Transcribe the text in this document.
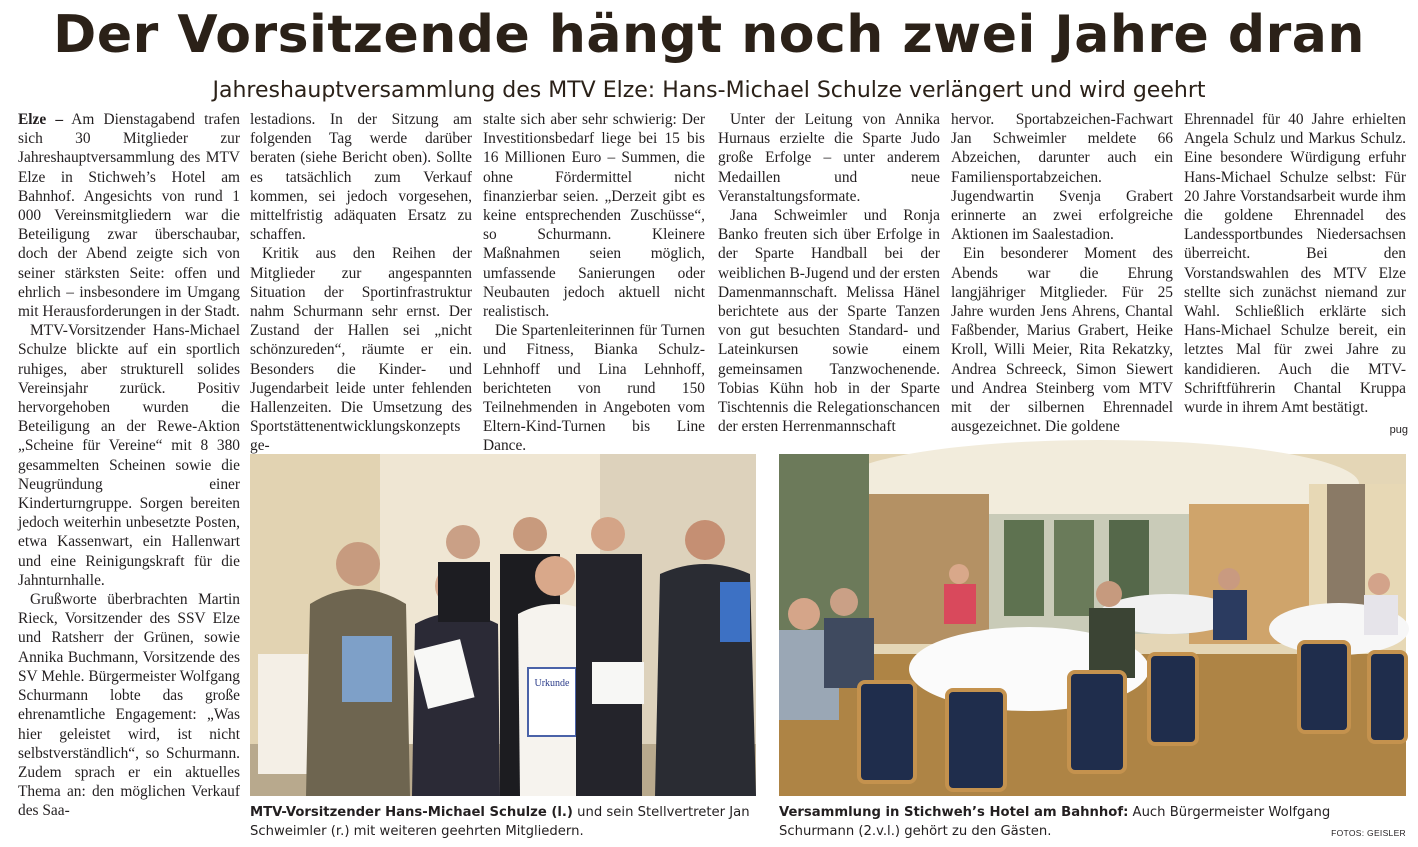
Der Vorsitzende hängt noch zwei Jahre dran
Jahreshauptversammlung des MTV Elze: Hans-Michael Schulze verlängert und wird geehrt

Elze – Am Dienstagabend trafen sich 30 Mitglieder zur Jahreshauptversammlung des MTV Elze in Stichweh’s Hotel am Bahnhof. Angesichts von rund 1 000 Vereinsmitgliedern war die Beteiligung zwar überschaubar, doch der Abend zeigte sich von seiner stärksten Seite: offen und ehrlich – insbesondere im Umgang mit Herausforderungen in der Stadt.

MTV-Vorsitzender Hans-Michael Schulze blickte auf ein sportlich ruhiges, aber strukturell solides Vereinsjahr zurück. Positiv hervorgehoben wurden die Beteiligung an der Rewe-Aktion „Scheine für Vereine“ mit 8 380 gesammelten Scheinen sowie die Neugründung einer Kinderturngruppe. Sorgen bereiten jedoch weiterhin unbesetzte Posten, etwa Kassenwart, ein Hallenwart und eine Reinigungskraft für die Jahnturnhalle.

Grußworte überbrachten Martin Rieck, Vorsitzender des SSV Elze und Ratsherr der Grünen, sowie Annika Buchmann, Vorsitzende des SV Mehle. Bürgermeister Wolfgang Schurmann lobte das große ehrenamtliche Engagement: „Was hier geleistet wird, ist nicht selbstverständlich“, so Schurmann. Zudem sprach er ein aktuelles Thema an: den möglichen Verkauf des Saa-

lestadions. In der Sitzung am folgenden Tag werde darüber beraten (siehe Bericht oben). Sollte es tatsächlich zum Verkauf kommen, sei jedoch vorgesehen, mittelfristig adäquaten Ersatz zu schaffen.

Kritik aus den Reihen der Mitglieder zur angespannten Situation der Sportinfrastruktur nahm Schurmann sehr ernst. Der Zustand der Hallen sei „nicht schönzureden“, räumte er ein. Besonders die Kinder- und Jugendarbeit leide unter fehlenden Hallenzeiten. Die Umsetzung des Sportstättenentwicklungskonzepts ge-

stalte sich aber sehr schwierig: Der Investitionsbedarf liege bei 15 bis 16 Millionen Euro – Summen, die ohne Fördermittel nicht finanzierbar seien. „Derzeit gibt es keine entsprechenden Zuschüsse“, so Schurmann. Kleinere Maßnahmen seien möglich, umfassende Sanierungen oder Neubauten jedoch aktuell nicht realistisch.

Die Spartenleiterinnen für Turnen und Fitness, Bianka Schulz-Lehnhoff und Lina Lehnhoff, berichteten von rund 150 Teilnehmenden in Angeboten vom Eltern-Kind-Turnen bis Line Dance.

Unter der Leitung von Annika Hurnaus erzielte die Sparte Judo große Erfolge – unter anderem Medaillen und neue Veranstaltungsformate.

Jana Schweimler und Ronja Banko freuten sich über Erfolge in der Sparte Handball bei der weiblichen B-Jugend und der ersten Damenmannschaft. Melissa Hänel berichtete aus der Sparte Tanzen von gut besuchten Standard- und Lateinkursen sowie einem gemeinsamen Tanzwochenende. Tobias Kühn hob in der Sparte Tischtennis die Relegationschancen der ersten Herrenmannschaft

hervor. Sportabzeichen-Fachwart Jan Schweimler meldete 66 Abzeichen, darunter auch ein Familiensportabzeichen. Jugendwartin Svenja Grabert erinnerte an zwei erfolgreiche Aktionen im Saalestadion.

Ein besonderer Moment des Abends war die Ehrung langjähriger Mitglieder. Für 25 Jahre wurden Jens Ahrens, Chantal Faßbender, Marius Grabert, Heike Kroll, Willi Meier, Rita Rekatzky, Andrea Schreeck, Simon Siewert und Andrea Steinberg vom MTV mit der silbernen Ehrennadel ausgezeichnet. Die goldene

Ehrennadel für 40 Jahre erhielten Angela Schulz und Markus Schulz. Eine besondere Würdigung erfuhr Hans-Michael Schulze selbst: Für 20 Jahre Vorstandsarbeit wurde ihm die goldene Ehrennadel des Landessportbundes Niedersachsen überreicht. Bei den Vorstandswahlen des MTV Elze stellte sich zunächst niemand zur Wahl. Schließlich erklärte sich Hans-Michael Schulze bereit, ein letztes Mal für zwei Jahre zu kandidieren. Auch die MTV-Schriftführerin Chantal Kruppa wurde in ihrem Amt bestätigt.

pug
Urkunde
MTV-Vorsitzender Hans-Michael Schulze (l.) und sein Stellvertreter Jan Schweimler (r.) mit weiteren geehrten Mitgliedern.
Versammlung in Stichweh’s Hotel am Bahnhof: Auch Bürgermeister Wolfgang Schurmann (2.v.l.) gehört zu den Gästen.	FOTOS: GEISLER
